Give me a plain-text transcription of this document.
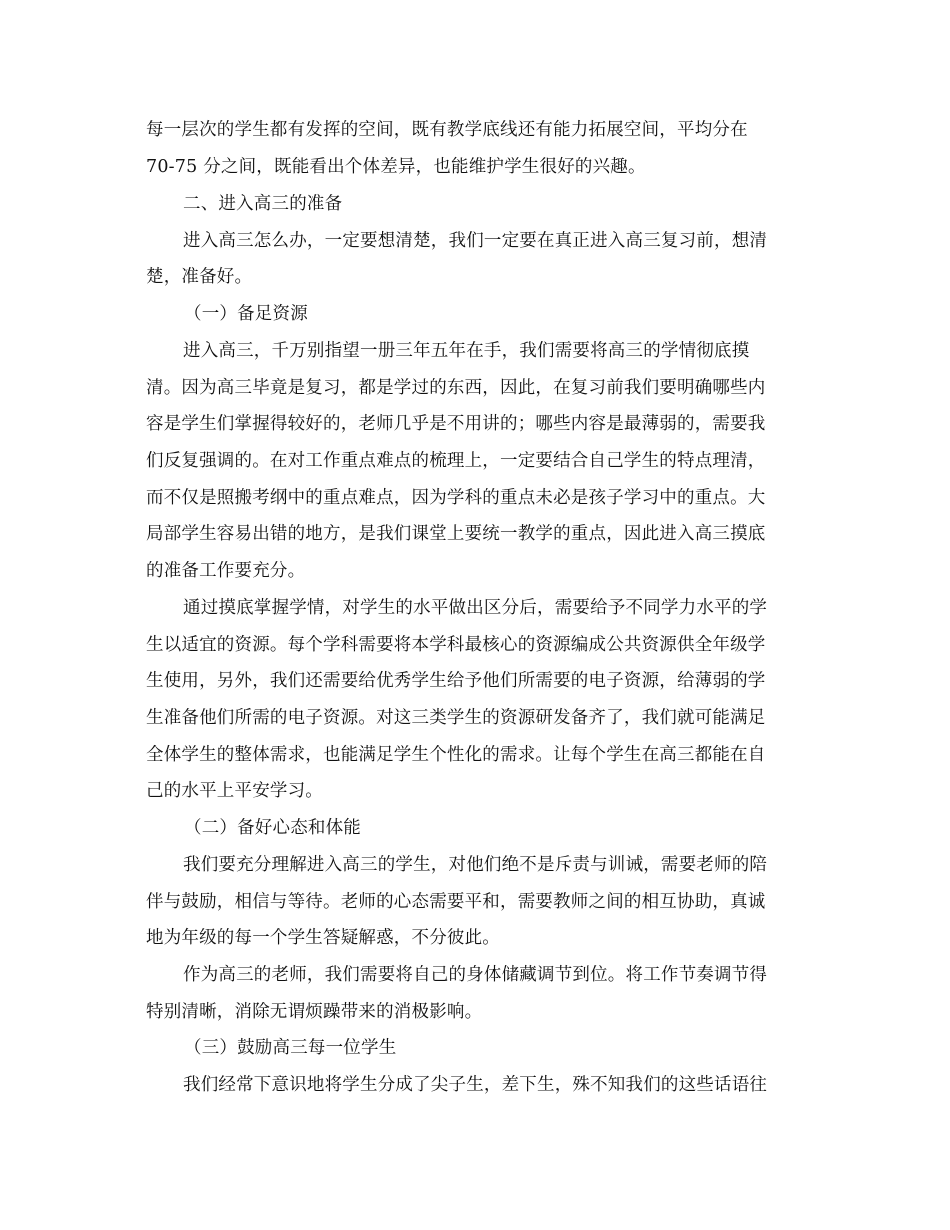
每一层次的学生都有发挥的空间，既有教学底线还有能力拓展空间，平均分在
70-75 分之间，既能看出个体差异，也能维护学生很好的兴趣。
二、进入高三的准备
进入高三怎么办，一定要想清楚，我们一定要在真正进入高三复习前，想清
楚，准备好。
（一）备足资源
进入高三，千万别指望一册三年五年在手，我们需要将高三的学情彻底摸
清。因为高三毕竟是复习，都是学过的东西，因此，在复习前我们要明确哪些内
容是学生们掌握得较好的，老师几乎是不用讲的；哪些内容是最薄弱的，需要我
们反复强调的。在对工作重点难点的梳理上，一定要结合自己学生的特点理清，
而不仅是照搬考纲中的重点难点，因为学科的重点未必是孩子学习中的重点。大
局部学生容易出错的地方，是我们课堂上要统一教学的重点，因此进入高三摸底
的准备工作要充分。
通过摸底掌握学情，对学生的水平做出区分后，需要给予不同学力水平的学
生以适宜的资源。每个学科需要将本学科最核心的资源编成公共资源供全年级学
生使用，另外，我们还需要给优秀学生给予他们所需要的电子资源，给薄弱的学
生准备他们所需的电子资源。对这三类学生的资源研发备齐了，我们就可能满足
全体学生的整体需求，也能满足学生个性化的需求。让每个学生在高三都能在自
己的水平上平安学习。
（二）备好心态和体能
我们要充分理解进入高三的学生，对他们绝不是斥责与训诫，需要老师的陪
伴与鼓励，相信与等待。老师的心态需要平和，需要教师之间的相互协助，真诚
地为年级的每一个学生答疑解惑，不分彼此。
作为高三的老师，我们需要将自己的身体储藏调节到位。将工作节奏调节得
特别清晰，消除无谓烦躁带来的消极影响。
（三）鼓励高三每一位学生
我们经常下意识地将学生分成了尖子生，差下生，殊不知我们的这些话语往
